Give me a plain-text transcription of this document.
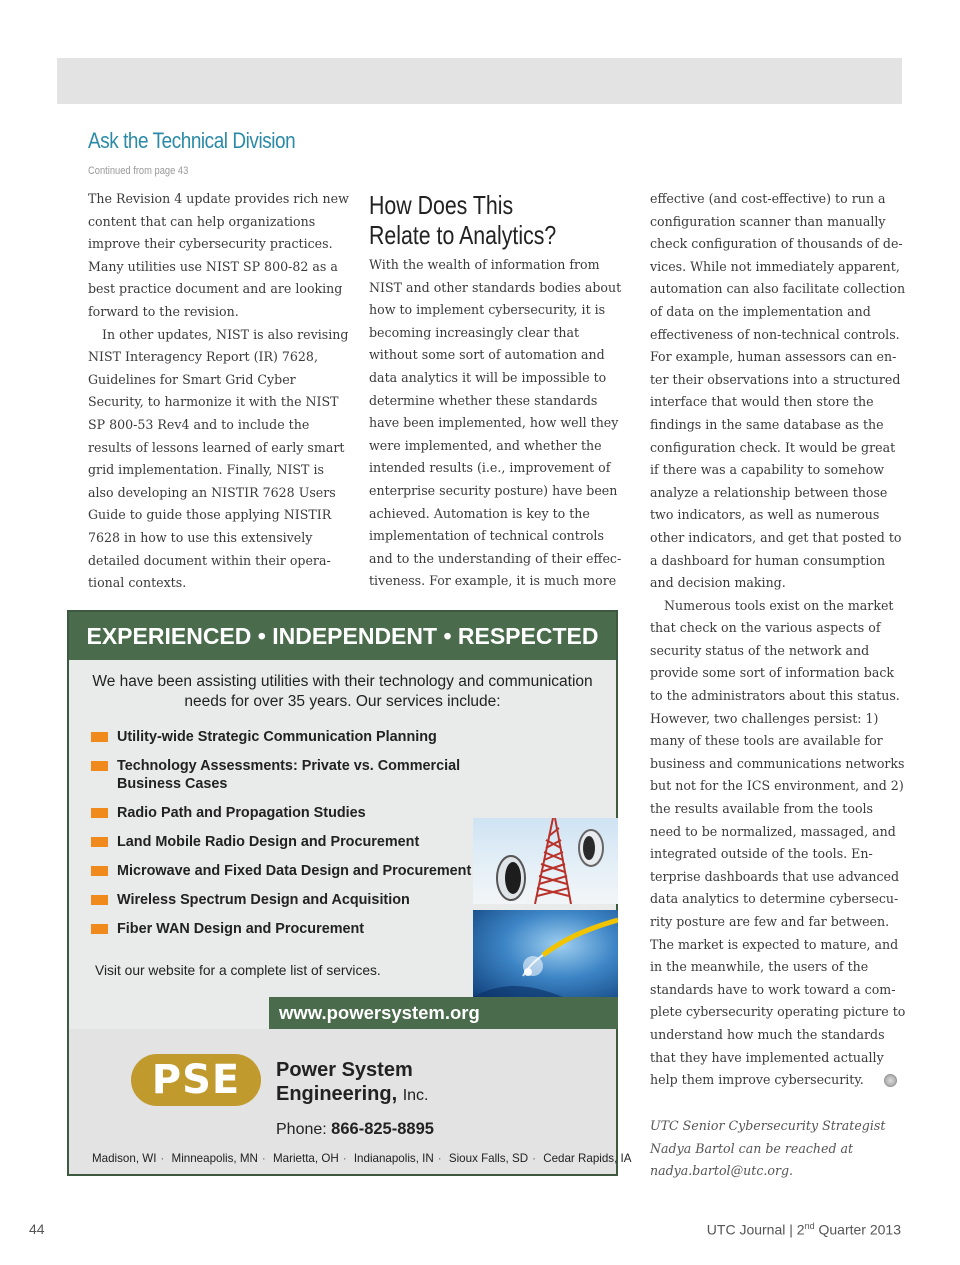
Ask the Technical Division
Continued from page 43

The Revision 4 update provides rich new content that can help organizations improve their cybersecurity practices. Many utilities use NIST SP 800-82 as a best practice document and are looking forward to the revision.

In other updates, NIST is also revising NIST Interagency Report (IR) 7628, Guidelines for Smart Grid Cyber Security, to harmonize it with the NIST SP 800-53 Rev4 and to include the results of lessons learned of early smart grid implementation. Finally, NIST is also developing an NISTIR 7628 Users Guide to guide those applying NISTIR 7628 in how to use this extensively detailed document within their operational contexts.

How Does This
Relate to Analytics?

With the wealth of information from NIST and other standards bodies about how to implement cybersecurity, it is becoming increasingly clear that without some sort of automation and data analytics it will be impossible to determine whether these standards have been implemented, how well they were implemented, and whether the intended results (i.e., improvement of enterprise security posture) have been achieved. Automation is key to the implementation of technical controls and to the understanding of their effectiveness. For example, it is much more

effective (and cost-effective) to run a configuration scanner than manually check configuration of thousands of devices. While not immediately apparent, automation can also facilitate collection of data on the implementation and effectiveness of non-technical controls. For example, human assessors can enter their observations into a structured interface that would then store the findings in the same database as the configuration check. It would be great if there was a capability to somehow analyze a relationship between those two indicators, as well as numerous other indicators, and get that posted to a dashboard for human consumption and decision making.

Numerous tools exist on the market that check on the various aspects of security status of the network and provide some sort of information back to the administrators about this status. However, two challenges persist: 1) many of these tools are available for business and communications networks but not for the ICS environment, and 2) the results available from the tools need to be normalized, massaged, and integrated outside of the tools. Enterprise dashboards that use advanced data analytics to determine cybersecurity posture are few and far between. The market is expected to mature, and in the meanwhile, the users of the standards have to work toward a complete cybersecurity operating picture to understand how much the standards that they have implemented actually help them improve cybersecurity.

UTC Senior Cybersecurity Strategist Nadya Bartol can be reached at nadya.bartol@utc.org.
EXPERIENCED • INDEPENDENT • RESPECTED
We have been assisting utilities with their technology and communication needs for over 35 years. Our services include:
Utility-wide Strategic Communication Planning
Technology Assessments: Private vs. Commercial Business Cases
Radio Path and Propagation Studies
Land Mobile Radio Design and Procurement
Microwave and Fixed Data Design and Procurement
Wireless Spectrum Design and Acquisition
Fiber WAN Design and Procurement
Visit our website for a complete list of services.
www.powersystem.org
PSE	Power System
Engineering, Inc.
Phone: 866-825-8895
Madison, WI · Minneapolis, MN · Marietta, OH · Indianapolis, IN · Sioux Falls, SD · Cedar Rapids, IA
44	UTC Journal | 2nd Quarter 2013
